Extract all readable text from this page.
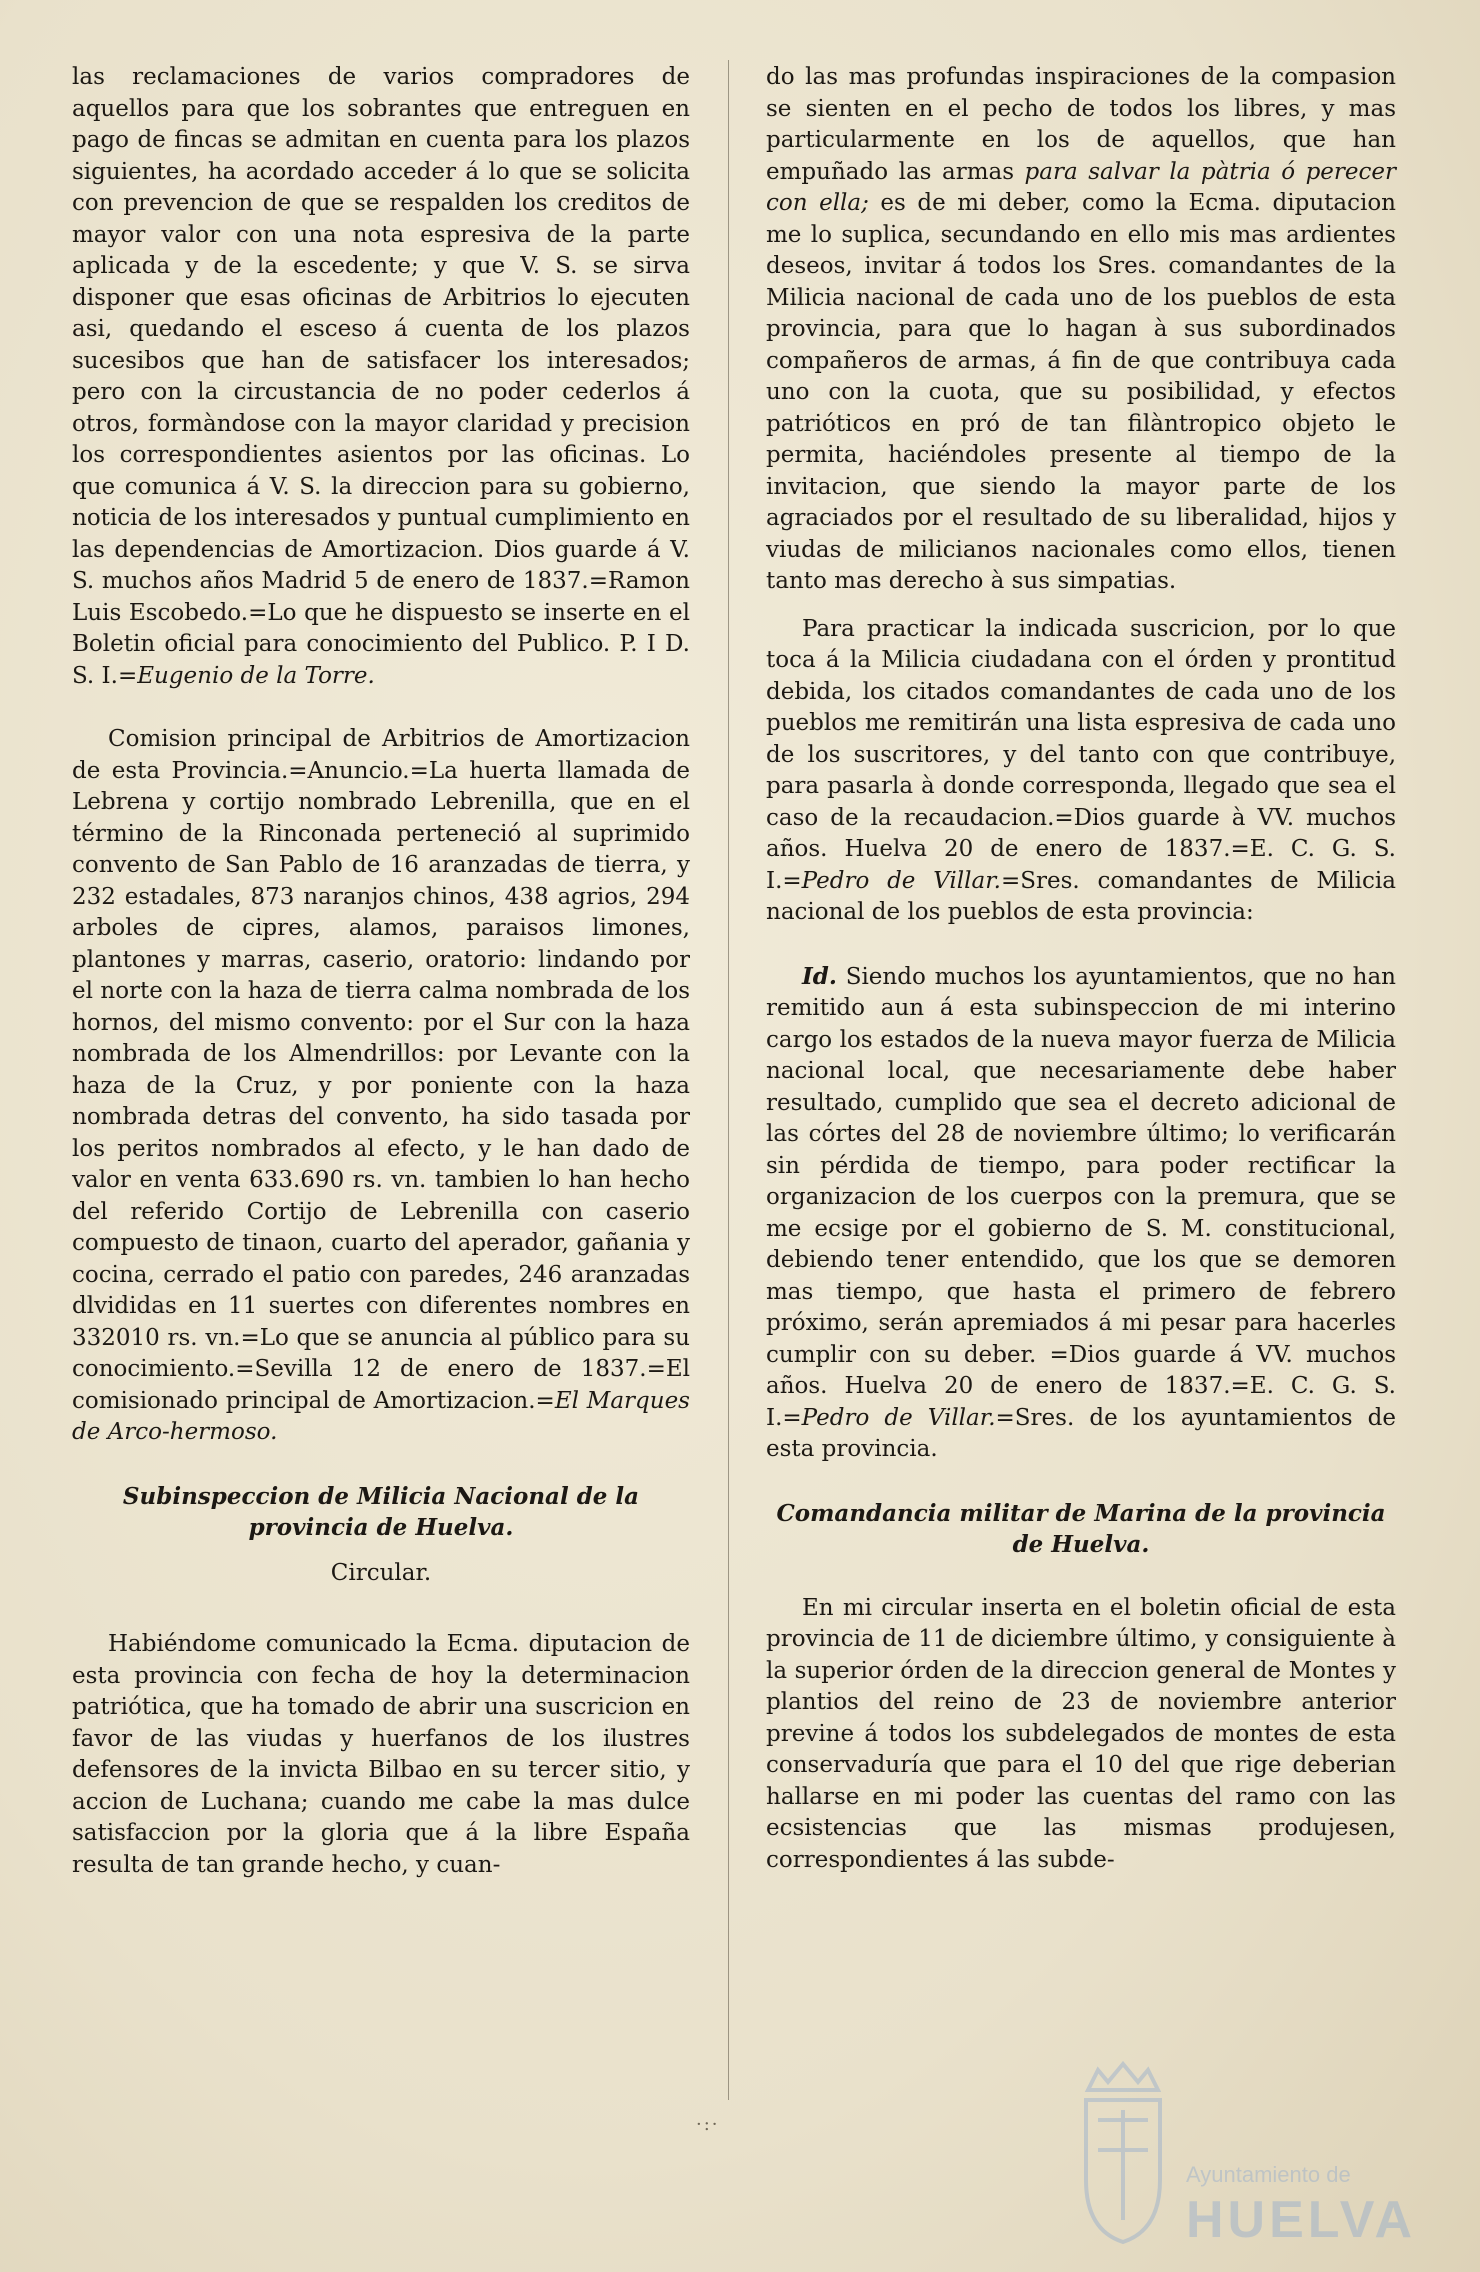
las reclamaciones de varios compradores de aquellos para que los sobrantes que entreguen en pago de fincas se admitan en cuenta para los plazos siguientes, ha acordado acceder á lo que se solicita con prevencion de que se respalden los creditos de mayor valor con una nota espresiva de la parte aplicada y de la escedente; y que V. S. se sirva disponer que esas oficinas de Arbitrios lo ejecuten asi, quedando el esceso á cuenta de los plazos sucesibos que han de satisfacer los interesados; pero con la circustancia de no poder cederlos á otros, formàndose con la mayor claridad y precision los correspondientes asientos por las oficinas. Lo que comunica á V. S. la direccion para su gobierno, noticia de los interesados y puntual cumplimiento en las dependencias de Amortizacion. Dios guarde á V. S. muchos años Madrid 5 de enero de 1837.=Ramon Luis Escobedo.=Lo que he dispuesto se inserte en el Boletin oficial para conocimiento del Publico. P. I D. S. I.=Eugenio de la Torre.

Comision principal de Arbitrios de Amortizacion de esta Provincia.=Anuncio.=La huerta llamada de Lebrena y cortijo nombrado Lebrenilla, que en el término de la Rinconada perteneció al suprimido convento de San Pablo de 16 aranzadas de tierra, y 232 estadales, 873 naranjos chinos, 438 agrios, 294 arboles de cipres, alamos, paraisos limones, plantones y marras, caserio, oratorio: lindando por el norte con la haza de tierra calma nombrada de los hornos, del mismo convento: por el Sur con la haza nombrada de los Almendrillos: por Levante con la haza de la Cruz, y por poniente con la haza nombrada detras del convento, ha sido tasada por los peritos nombrados al efecto, y le han dado de valor en venta 633.690 rs. vn. tambien lo han hecho del referido Cortijo de Lebrenilla con caserio compuesto de tinaon, cuarto del aperador, gañania y cocina, cerrado el patio con paredes, 246 aranzadas dlvididas en 11 suertes con diferentes nombres en 332010 rs. vn.=Lo que se anuncia al público para su conocimiento.=Sevilla 12 de enero de 1837.=El comisionado principal de Amortizacion.=El Marques de Arco-hermoso.

Subinspeccion de Milicia Nacional de la provincia de Huelva.
Circular.

Habiéndome comunicado la Ecma. diputacion de esta provincia con fecha de hoy la determinacion patriótica, que ha tomado de abrir una suscricion en favor de las viudas y huerfanos de los ilustres defensores de la invicta Bilbao en su tercer sitio, y accion de Luchana; cuando me cabe la mas dulce satisfaccion por la gloria que á la libre España resulta de tan grande hecho, y cuan-

do las mas profundas inspiraciones de la compasion se sienten en el pecho de todos los libres, y mas particularmente en los de aquellos, que han empuñado las armas para salvar la pàtria ó perecer con ella; es de mi deber, como la Ecma. diputacion me lo suplica, secundando en ello mis mas ardientes deseos, invitar á todos los Sres. comandantes de la Milicia nacional de cada uno de los pueblos de esta provincia, para que lo hagan à sus subordinados compañeros de armas, á fin de que contribuya cada uno con la cuota, que su posibilidad, y efectos patrióticos en pró de tan filàntropico objeto le permita, haciéndoles presente al tiempo de la invitacion, que siendo la mayor parte de los agraciados por el resultado de su liberalidad, hijos y viudas de milicianos nacionales como ellos, tienen tanto mas derecho à sus simpatias.

Para practicar la indicada suscricion, por lo que toca á la Milicia ciudadana con el órden y prontitud debida, los citados comandantes de cada uno de los pueblos me remitirán una lista espresiva de cada uno de los suscritores, y del tanto con que contribuye, para pasarla à donde corresponda, llegado que sea el caso de la recaudacion.=Dios guarde à VV. muchos años. Huelva 20 de enero de 1837.=E. C. G. S. I.=Pedro de Villar.=Sres. comandantes de Milicia nacional de los pueblos de esta provincia:

Id. Siendo muchos los ayuntamientos, que no han remitido aun á esta subinspeccion de mi interino cargo los estados de la nueva mayor fuerza de Milicia nacional local, que necesariamente debe haber resultado, cumplido que sea el decreto adicional de las córtes del 28 de noviembre último; lo verificarán sin pérdida de tiempo, para poder rectificar la organizacion de los cuerpos con la premura, que se me ecsige por el gobierno de S. M. constitucional, debiendo tener entendido, que los que se demoren mas tiempo, que hasta el primero de febrero próximo, serán apremiados á mi pesar para hacerles cumplir con su deber. =Dios guarde á VV. muchos años. Huelva 20 de enero de 1837.=E. C. G. S. I.=Pedro de Villar.=Sres. de los ayuntamientos de esta provincia.

Comandancia militar de Marina de la provincia de Huelva.

En mi circular inserta en el boletin oficial de esta provincia de 11 de diciembre último, y consiguiente à la superior órden de la direccion general de Montes y plantios del reino de 23 de noviembre anterior previne á todos los subdelegados de montes de esta conservaduría que para el 10 del que rige deberian hallarse en mi poder las cuentas del ramo con las ecsistencias que las mismas produjesen, correspondientes á las subde-

·:·
Ayuntamiento de
HUELVA
